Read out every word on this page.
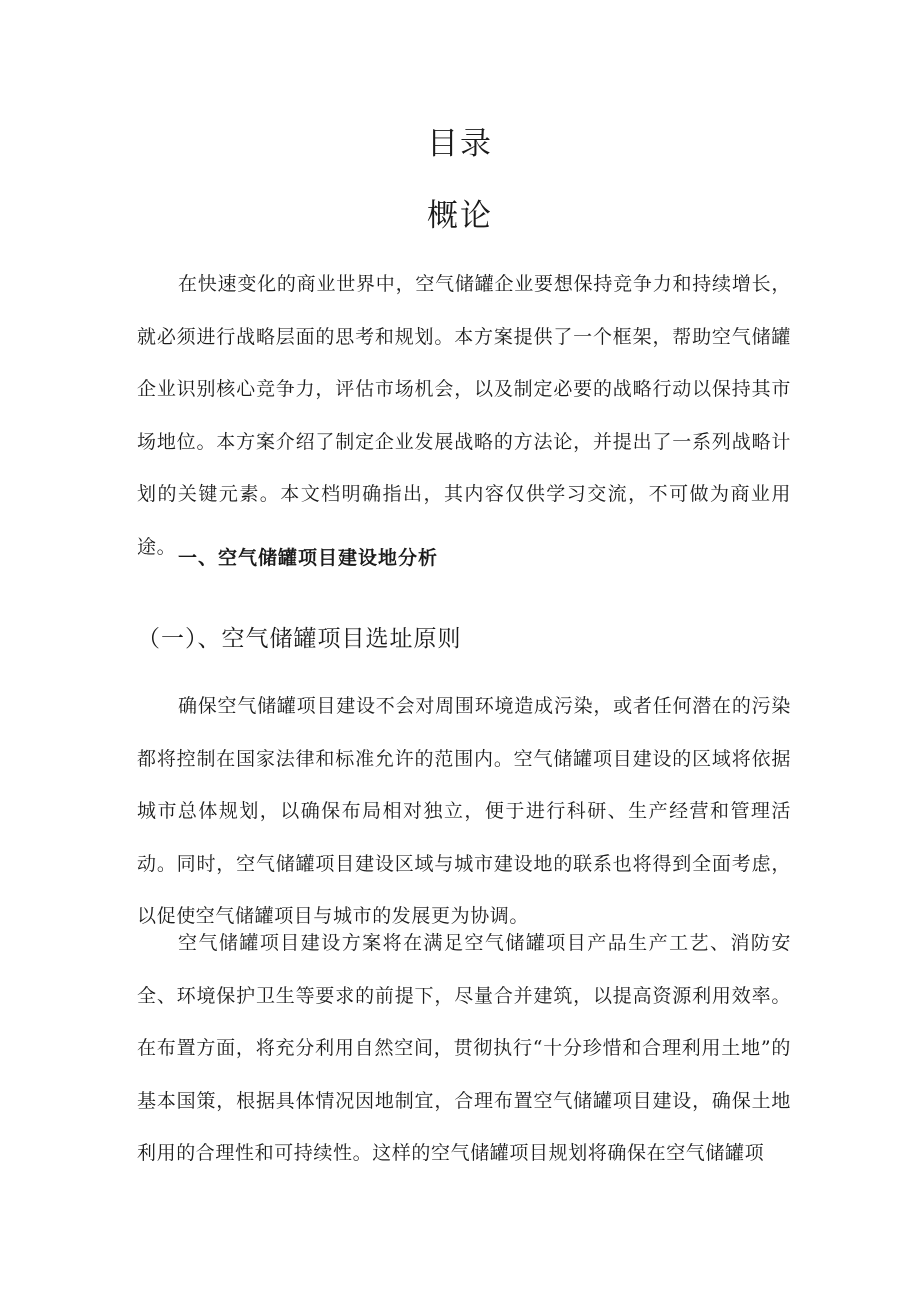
目录
概论

在快速变化的商业世界中，空气储罐企业要想保持竞争力和持续增长，就必须进行战略层面的思考和规划。本方案提供了一个框架，帮助空气储罐企业识别核心竞争力，评估市场机会，以及制定必要的战略行动以保持其市场地位。本方案介绍了制定企业发展战略的方法论，并提出了一系列战略计划的关键元素。本文档明确指出，其内容仅供学习交流，不可做为商业用途。

一、空气储罐项目建设地分析
（一）、空气储罐项目选址原则

确保空气储罐项目建设不会对周围环境造成污染，或者任何潜在的污染都将控制在国家法律和标准允许的范围内。空气储罐项目建设的区域将依据城市总体规划，以确保布局相对独立，便于进行科研、生产经营和管理活动。同时，空气储罐项目建设区域与城市建设地的联系也将得到全面考虑，以促使空气储罐项目与城市的发展更为协调。

空气储罐项目建设方案将在满足空气储罐项目产品生产工艺、消防安全、环境保护卫生等要求的前提下，尽量合并建筑，以提高资源利用效率。在布置方面，将充分利用自然空间，贯彻执行“十分珍惜和合理利用土地”的基本国策，根据具体情况因地制宜，合理布置空气储罐项目建设，确保土地利用的合理性和可持续性。这样的空气储罐项目规划将确保在空气储罐项
